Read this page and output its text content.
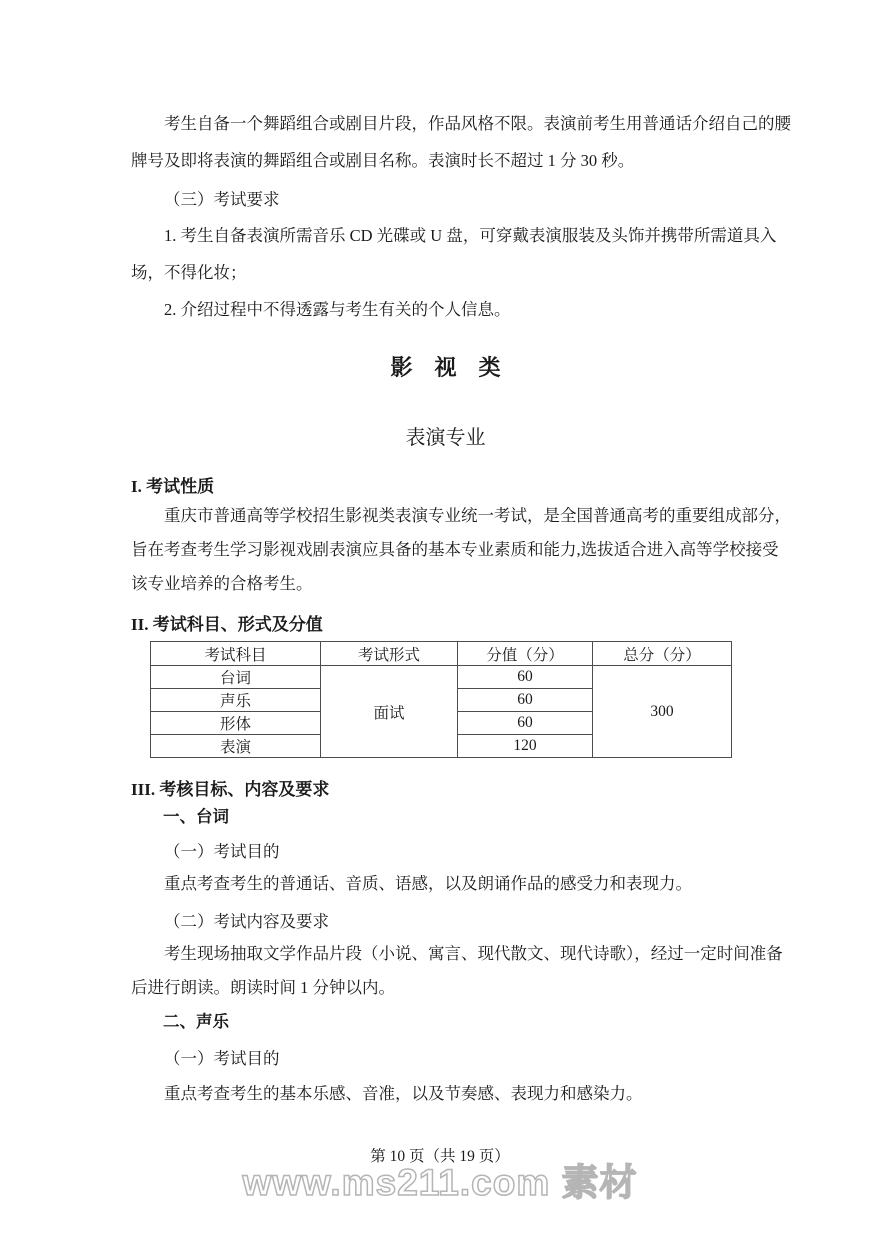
考生自备一个舞蹈组合或剧目片段，作品风格不限。表演前考生用普通话介绍自己的腰
牌号及即将表演的舞蹈组合或剧目名称。表演时长不超过 1 分 30 秒。
（三）考试要求
1. 考生自备表演所需音乐 CD 光碟或 U 盘，可穿戴表演服装及头饰并携带所需道具入
场，不得化妆；
2. 介绍过程中不得透露与考生有关的个人信息。
影　视　类
表演专业
I. 考试性质
重庆市普通高等学校招生影视类表演专业统一考试，是全国普通高考的重要组成部分，
旨在考查考生学习影视戏剧表演应具备的基本专业素质和能力,选拔适合进入高等学校接受
该专业培养的合格考生。
II. 考试科目、形式及分值
考试科目	考试形式	分值（分）	总分（分）
台词	面试	60	300
声乐		60	
形体		60	
表演		120	
III. 考核目标、内容及要求
一、台词
（一）考试目的
重点考查考生的普通话、音质、语感，以及朗诵作品的感受力和表现力。
（二）考试内容及要求
考生现场抽取文学作品片段（小说、寓言、现代散文、现代诗歌），经过一定时间准备
后进行朗读。朗读时间 1 分钟以内。
二、声乐
（一）考试目的
重点考查考生的基本乐感、音准，以及节奏感、表现力和感染力。
第 10 页（共 19 页）
www.ms211.com 素材
